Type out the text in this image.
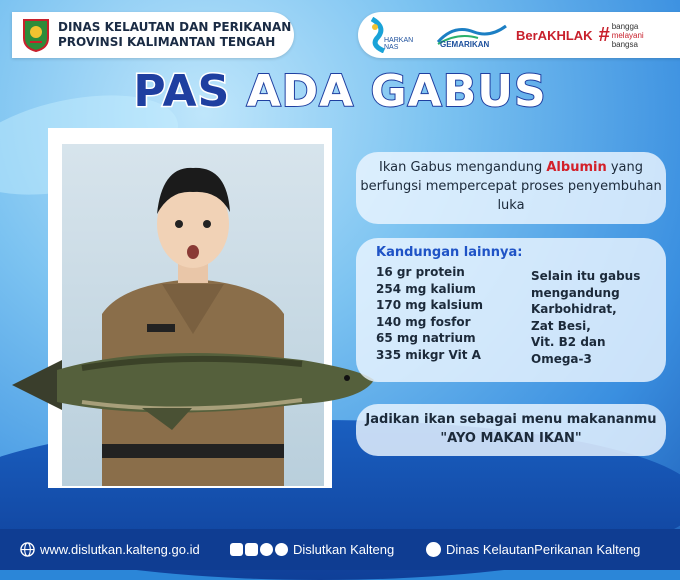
DINAS KELAUTAN DAN PERIKANAN
PROVINSI KALIMANTAN TENGAH	HARKAN NAS	GEMARIKAN
BerAKHLAK # bangga
melayani
bangsa
PAS ADA GABUS
Ikan Gabus mengandung Albumin yang berfungsi mempercepat proses penyembuhan luka
Kandungan lainnya:
16 gr protein
254 mg kalium
170 mg kalsium
140 mg fosfor
65 mg natrium
335 mikgr Vit A
Selain itu gabus
mengandung
Karbohidrat,
Zat Besi,
Vit. B2 dan
Omega-3
Jadikan ikan sebagai menu makananmu
"AYO MAKAN IKAN"
www.dislutkan.kalteng.go.id	Dislutkan Kalteng	Dinas KelautanPerikanan Kalteng
